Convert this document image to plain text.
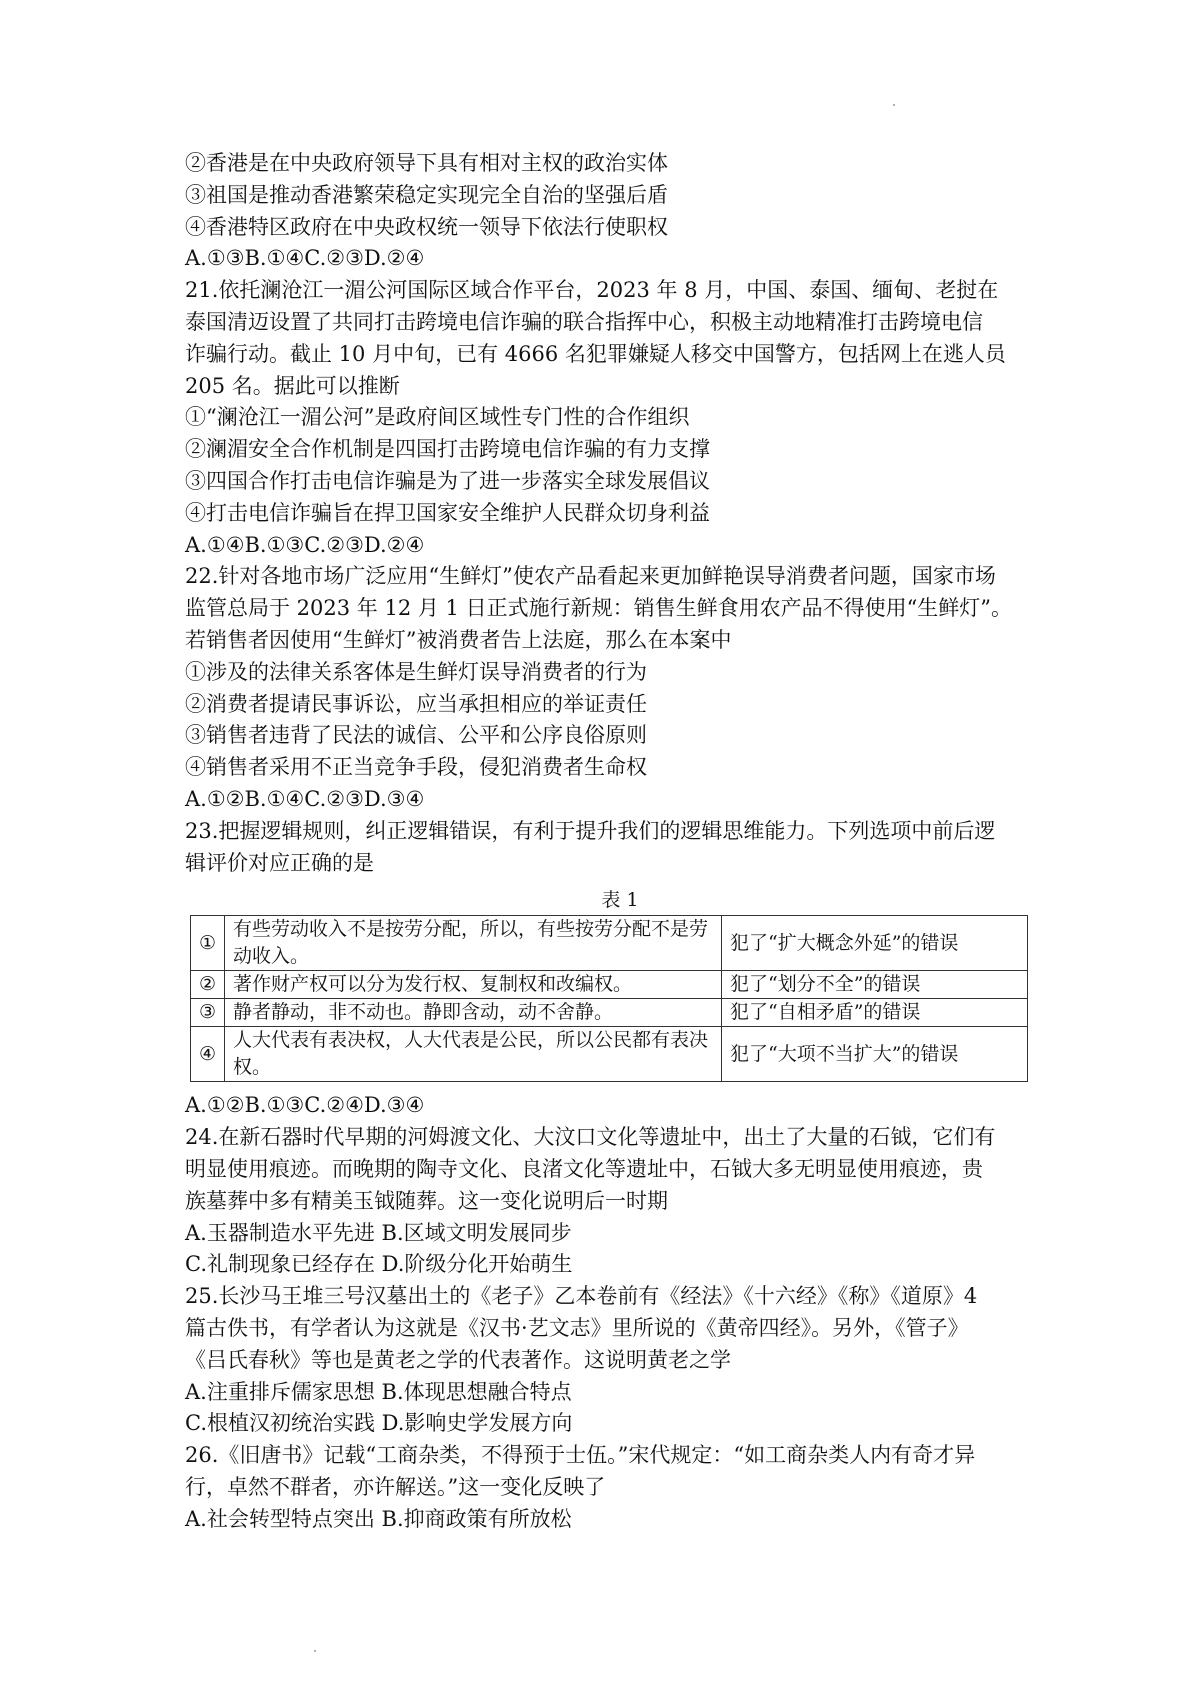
②香港是在中央政府领导下具有相对主权的政治实体
③祖国是推动香港繁荣稳定实现完全自治的坚强后盾
④香港特区政府在中央政权统一领导下依法行使职权
A.①③B.①④C.②③D.②④
21.依托澜沧江一湄公河国际区域合作平台，2023 年 8 月，中国、泰国、缅甸、老挝在
泰国清迈设置了共同打击跨境电信诈骗的联合指挥中心，积极主动地精准打击跨境电信
诈骗行动。截止 10 月中旬，已有 4666 名犯罪嫌疑人移交中国警方，包括网上在逃人员
205 名。据此可以推断
①“澜沧江一湄公河”是政府间区域性专门性的合作组织
②澜湄安全合作机制是四国打击跨境电信诈骗的有力支撑
③四国合作打击电信诈骗是为了进一步落实全球发展倡议
④打击电信诈骗旨在捍卫国家安全维护人民群众切身利益
A.①④B.①③C.②③D.②④
22.针对各地市场广泛应用“生鲜灯”使农产品看起来更加鲜艳误导消费者问题，国家市场
监管总局于 2023 年 12 月 1 日正式施行新规：销售生鲜食用农产品不得使用“生鲜灯”。
若销售者因使用“生鲜灯”被消费者告上法庭，那么在本案中
①涉及的法律关系客体是生鲜灯误导消费者的行为
②消费者提请民事诉讼，应当承担相应的举证责任
③销售者违背了民法的诚信、公平和公序良俗原则
④销售者采用不正当竞争手段，侵犯消费者生命权
A.①②B.①④C.②③D.③④
23.把握逻辑规则，纠正逻辑错误，有利于提升我们的逻辑思维能力。下列选项中前后逻
辑评价对应正确的是
表 1
①	有些劳动收入不是按劳分配，所以，有些按劳分配不是劳动收入。	犯了“扩大概念外延”的错误
②	著作财产权可以分为发行权、复制权和改编权。	犯了“划分不全”的错误
③	静者静动，非不动也。静即含动，动不舍静。	犯了“自相矛盾”的错误
④	人大代表有表决权，人大代表是公民，所以公民都有表决权。	犯了“大项不当扩大”的错误
A.①②B.①③C.②④D.③④
24.在新石器时代早期的河姆渡文化、大汶口文化等遗址中，出土了大量的石钺，它们有
明显使用痕迹。而晚期的陶寺文化、良渚文化等遗址中，石钺大多无明显使用痕迹，贵
族墓葬中多有精美玉钺随葬。这一变化说明后一时期
A.玉器制造水平先进 B.区域文明发展同步
C.礼制现象已经存在 D.阶级分化开始萌生
25.长沙马王堆三号汉墓出土的《老子》乙本卷前有《经法》《十六经》《称》《道原》4
篇古佚书，有学者认为这就是《汉书·艺文志》里所说的《黄帝四经》。另外，《管子》
《吕氏春秋》等也是黄老之学的代表著作。这说明黄老之学
A.注重排斥儒家思想 B.体现思想融合特点
C.根植汉初统治实践 D.影响史学发展方向
26.《旧唐书》记载“工商杂类，不得预于士伍。”宋代规定：“如工商杂类人内有奇才异
行，卓然不群者，亦许解送。”这一变化反映了
A.社会转型特点突出 B.抑商政策有所放松
